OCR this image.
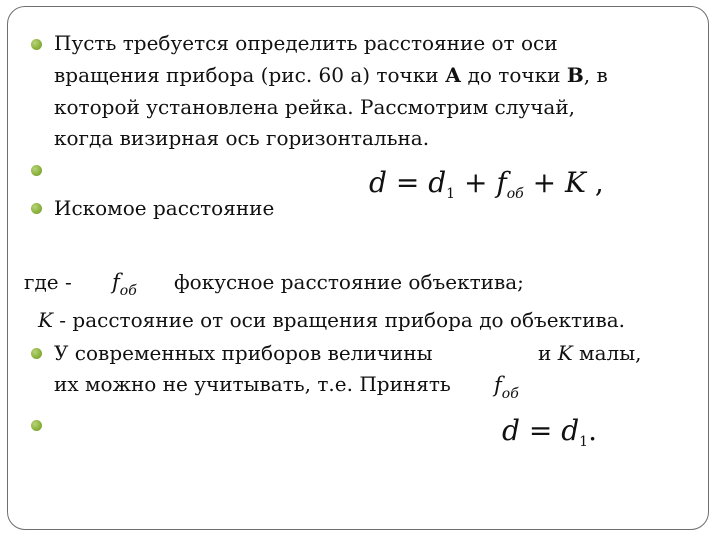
Пусть требуется определить расстояние от оси
вращения прибора (рис. 60 а) точки А до точки В, в
которой установлена рейка. Рассмотрим случай,
когда визирная ось горизонтальна.
$d = d_1 + f_{об} + K$ ,
Искомое расстояние
где - $f_{об}$ фокусное расстояние объектива;
K - расстояние от оси вращения прибора до объектива.
У современных приборов величины	и K малы,
их можно не учитывать, т.е. Принять $f_{об}$
$d = d_1$.
